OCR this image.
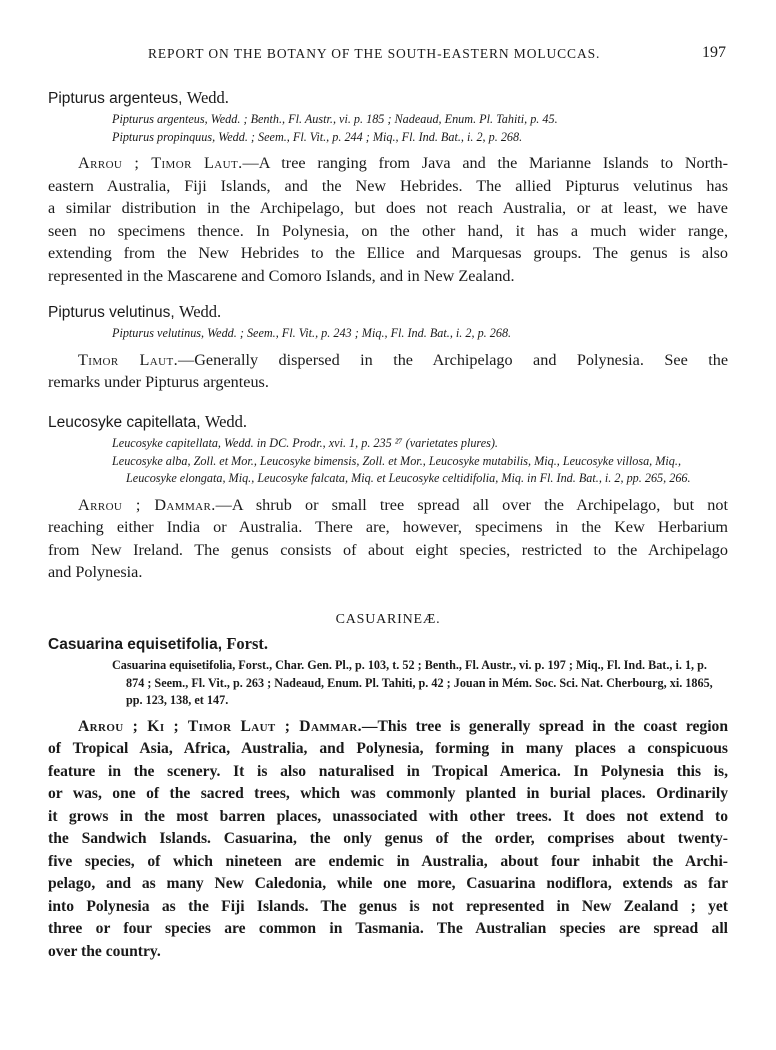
REPORT ON THE BOTANY OF THE SOUTH-EASTERN MOLUCCAS.	197
Pipturus argenteus, Wedd.

Pipturus argenteus, Wedd. ; Benth., Fl. Austr., vi. p. 185 ; Nadeaud, Enum. Pl. Tahiti, p. 45.

Pipturus propinquus, Wedd. ; Seem., Fl. Vit., p. 244 ; Miq., Fl. Ind. Bat., i. 2, p. 268.

Arrou ; Timor Laut.—A tree ranging from Java and the Marianne Islands to North-
eastern Australia, Fiji Islands, and the New Hebrides. The allied Pipturus velutinus has
a similar distribution in the Archipelago, but does not reach Australia, or at least, we have
seen no specimens thence. In Polynesia, on the other hand, it has a much wider range,
extending from the New Hebrides to the Ellice and Marquesas groups. The genus is also
represented in the Mascarene and Comoro Islands, and in New Zealand.
Pipturus velutinus, Wedd.

Pipturus velutinus, Wedd. ; Seem., Fl. Vit., p. 243 ; Miq., Fl. Ind. Bat., i. 2, p. 268.

Timor Laut.—Generally dispersed in the Archipelago and Polynesia. See the
remarks under Pipturus argenteus.
Leucosyke capitellata, Wedd.

Leucosyke capitellata, Wedd. in DC. Prodr., xvi. 1, p. 235 ²⁷ (varietates plures).

Leucosyke alba, Zoll. et Mor., Leucosyke bimensis, Zoll. et Mor., Leucosyke mutabilis, Miq., Leucosyke villosa, Miq., Leucosyke elongata, Miq., Leucosyke falcata, Miq. et Leucosyke celtidifolia, Miq. in Fl. Ind. Bat., i. 2, pp. 265, 266.

Arrou ; Dammar.—A shrub or small tree spread all over the Archipelago, but not
reaching either India or Australia. There are, however, specimens in the Kew Herbarium
from New Ireland. The genus consists of about eight species, restricted to the Archipelago
and Polynesia.
CASUARINEÆ.
Casuarina equisetifolia, Forst.

Casuarina equisetifolia, Forst., Char. Gen. Pl., p. 103, t. 52 ; Benth., Fl. Austr., vi. p. 197 ; Miq., Fl. Ind. Bat., i. 1, p. 874 ; Seem., Fl. Vit., p. 263 ; Nadeaud, Enum. Pl. Tahiti, p. 42 ; Jouan in Mém. Soc. Sci. Nat. Cherbourg, xi. 1865, pp. 123, 138, et 147.

Arrou ; Ki ; Timor Laut ; Dammar.—This tree is generally spread in the coast region
of Tropical Asia, Africa, Australia, and Polynesia, forming in many places a conspicuous
feature in the scenery. It is also naturalised in Tropical America. In Polynesia this is,
or was, one of the sacred trees, which was commonly planted in burial places. Ordinarily
it grows in the most barren places, unassociated with other trees. It does not extend to
the Sandwich Islands. Casuarina, the only genus of the order, comprises about twenty-
five species, of which nineteen are endemic in Australia, about four inhabit the Archi-
pelago, and as many New Caledonia, while one more, Casuarina nodiflora, extends as far
into Polynesia as the Fiji Islands. The genus is not represented in New Zealand ; yet
three or four species are common in Tasmania. The Australian species are spread all
over the country.
